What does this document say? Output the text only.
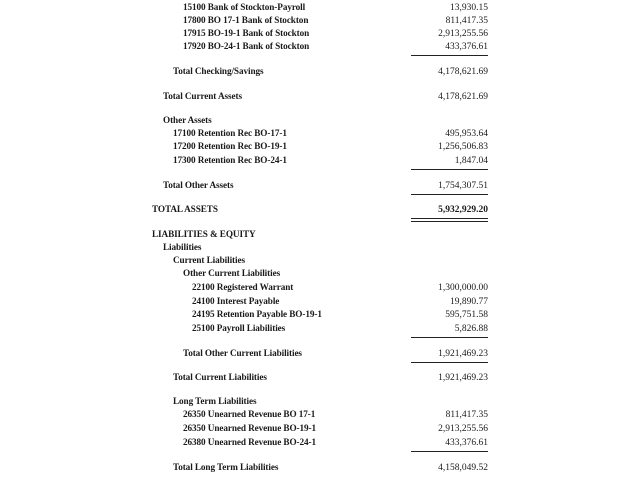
15100 Bank of Stockton-Payroll	13,930.15
17800 BO 17-1 Bank of Stockton	811,417.35
17915 BO-19-1 Bank of Stockton	2,913,255.56
17920 BO-24-1 Bank of Stockton	433,376.61
Total Checking/Savings	4,178,621.69
Total Current Assets	4,178,621.69
Other Assets
17100 Retention Rec BO-17-1	495,953.64
17200 Retention Rec BO-19-1	1,256,506.83
17300 Retention Rec BO-24-1	1,847.04
Total Other Assets	1,754,307.51
TOTAL ASSETS	5,932,929.20
LIABILITIES & EQUITY
Liabilities
Current Liabilities
Other Current Liabilities
22100 Registered Warrant	1,300,000.00
24100 Interest Payable	19,890.77
24195 Retention Payable BO-19-1	595,751.58
25100 Payroll Liabilities	5,826.88
Total Other Current Liabilities	1,921,469.23
Total Current Liabilities	1,921,469.23
Long Term Liabilities
26350 Unearned Revenue BO 17-1	811,417.35
26350 Unearned Revenue BO-19-1	2,913,255.56
26380 Unearned Revenue BO-24-1	433,376.61
Total Long Term Liabilities	4,158,049.52
